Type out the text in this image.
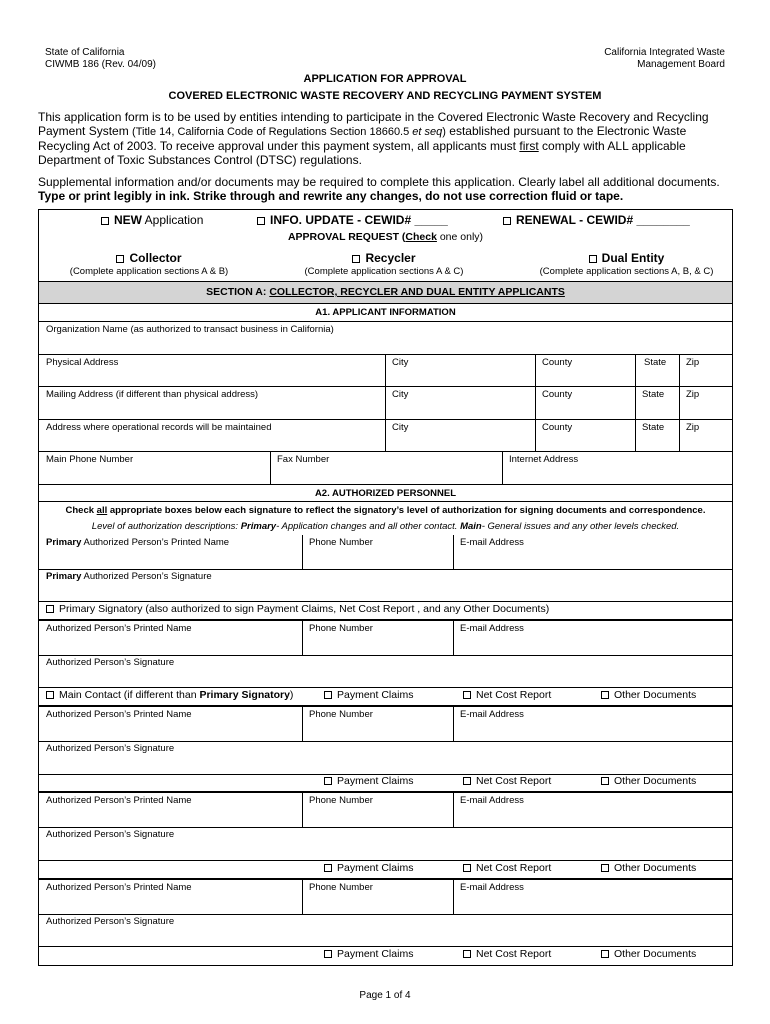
State of California
CIWMB 186 (Rev. 04/09)
California Integrated Waste
Management Board
APPLICATION FOR APPROVAL
COVERED ELECTRONIC WASTE RECOVERY AND RECYCLING PAYMENT SYSTEM
This application form is to be used by entities intending to participate in the Covered Electronic Waste Recovery and Recycling Payment System (Title 14, California Code of Regulations Section 18660.5 et seq) established pursuant to the Electronic Waste Recycling Act of 2003. To receive approval under this payment system, all applicants must first comply with ALL applicable Department of Toxic Substances Control (DTSC) regulations.
Supplemental information and/or documents may be required to complete this application. Clearly label all additional documents.
Type or print legibly in ink. Strike through and rewrite any changes, do not use correction fluid or tape.
NEW Application	INFO. UPDATE - CEWID# _____	RENEWAL - CEWID# ________
APPROVAL REQUEST (Check one only)
Collector
(Complete application sections A & B)
Recycler
(Complete application sections A & C)
Dual Entity
(Complete application sections A, B, & C)
SECTION A: COLLECTOR, RECYCLER AND DUAL ENTITY APPLICANTS
A1. APPLICANT INFORMATION
Organization Name (as authorized to transact business in California)
Physical Address	City	County	State Zip
Mailing Address (if different than physical address)	City	County	State Zip
Address where operational records will be maintained	City	County	State Zip
Main Phone Number	Fax Number	Internet Address
A2. AUTHORIZED PERSONNEL
Check all appropriate boxes below each signature to reflect the signatory’s level of authorization for signing documents and correspondence.
Level of authorization descriptions: Primary- Application changes and all other contact. Main- General issues and any other levels checked.
Primary Authorized Person’s Printed Name	Phone Number	E-mail Address
Primary Authorized Person’s Signature
Primary Signatory (also authorized to sign Payment Claims, Net Cost Report , and any Other Documents)
Authorized Person’s Printed Name	Phone Number	E-mail Address
Authorized Person’s Signature
Main Contact (if different than Primary Signatory)	Payment Claims	Net Cost Report	Other Documents
Authorized Person’s Printed Name	Phone Number	E-mail Address
Authorized Person’s Signature
Payment Claims	Net Cost Report	Other Documents
Authorized Person’s Printed Name	Phone Number	E-mail Address
Authorized Person’s Signature
Payment Claims	Net Cost Report	Other Documents
Authorized Person’s Printed Name	Phone Number	E-mail Address
Authorized Person’s Signature
Payment Claims	Net Cost Report	Other Documents
Page 1 of 4
